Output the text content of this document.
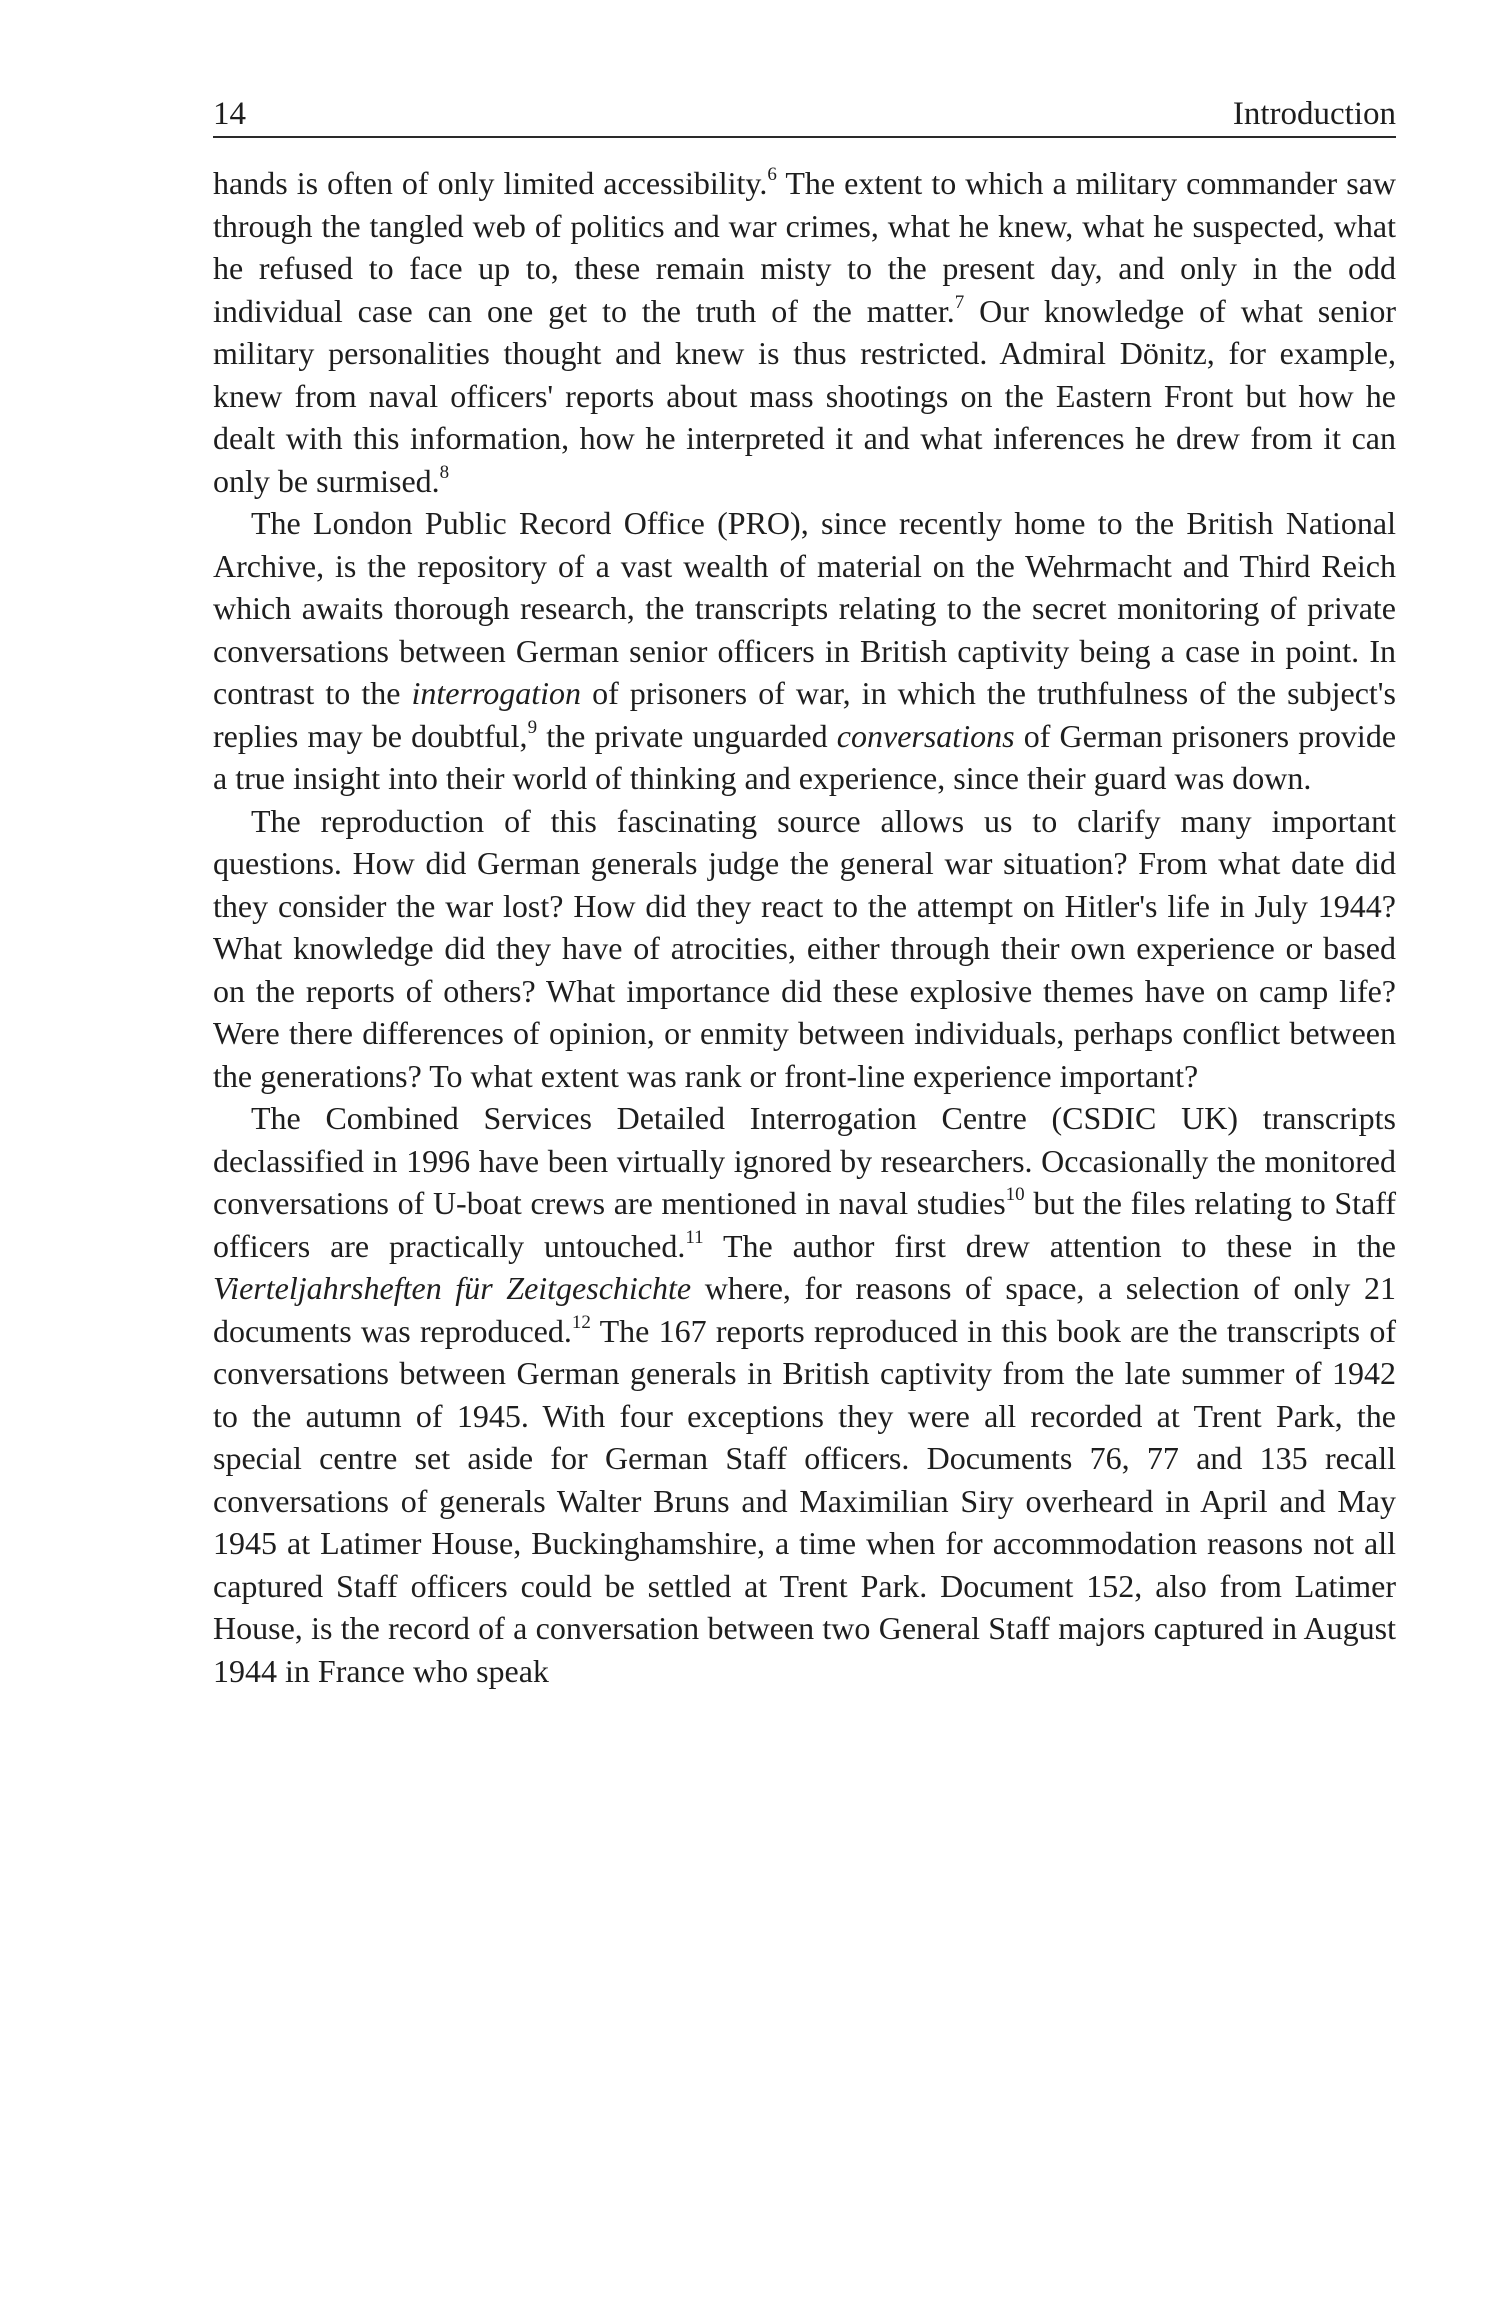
14	Introduction

hands is often of only limited accessibility.$^6$ The extent to which a military commander saw through the tangled web of politics and war crimes, what he knew, what he suspected, what he refused to face up to, these remain misty to the present day, and only in the odd individual case can one get to the truth of the matter.$^7$ Our knowledge of what senior military personalities thought and knew is thus restricted. Admiral Dönitz, for example, knew from naval officers' reports about mass shootings on the Eastern Front but how he dealt with this information, how he interpreted it and what inferences he drew from it can only be surmised.$^8$

The London Public Record Office (PRO), since recently home to the British National Archive, is the repository of a vast wealth of material on the Wehrmacht and Third Reich which awaits thorough research, the transcripts relating to the secret monitoring of private conversations between German senior officers in British captivity being a case in point. In contrast to the interrogation of prisoners of war, in which the truthfulness of the subject's replies may be doubtful,$^9$ the private unguarded conversations of German prisoners provide a true insight into their world of thinking and experience, since their guard was down.

The reproduction of this fascinating source allows us to clarify many important questions. How did German generals judge the general war situation? From what date did they consider the war lost? How did they react to the attempt on Hitler's life in July 1944? What knowledge did they have of atrocities, either through their own experience or based on the reports of others? What importance did these explosive themes have on camp life? Were there differences of opinion, or enmity between individuals, perhaps conflict between the generations? To what extent was rank or front-line experience important?

The Combined Services Detailed Interrogation Centre (CSDIC UK) transcripts declassified in 1996 have been virtually ignored by researchers. Occasionally the monitored conversations of U-boat crews are mentioned in naval studies$^{10}$ but the files relating to Staff officers are practically untouched.$^{11}$ The author first drew attention to these in the Vierteljahrsheften für Zeitgeschichte where, for reasons of space, a selection of only 21 documents was reproduced.$^{12}$ The 167 reports reproduced in this book are the transcripts of conversations between German generals in British captivity from the late summer of 1942 to the autumn of 1945. With four exceptions they were all recorded at Trent Park, the special centre set aside for German Staff officers. Documents 76, 77 and 135 recall conversations of generals Walter Bruns and Maximilian Siry overheard in April and May 1945 at Latimer House, Buckinghamshire, a time when for accommodation reasons not all captured Staff officers could be settled at Trent Park. Document 152, also from Latimer House, is the record of a conversation between two General Staff majors captured in August 1944 in France who speak
